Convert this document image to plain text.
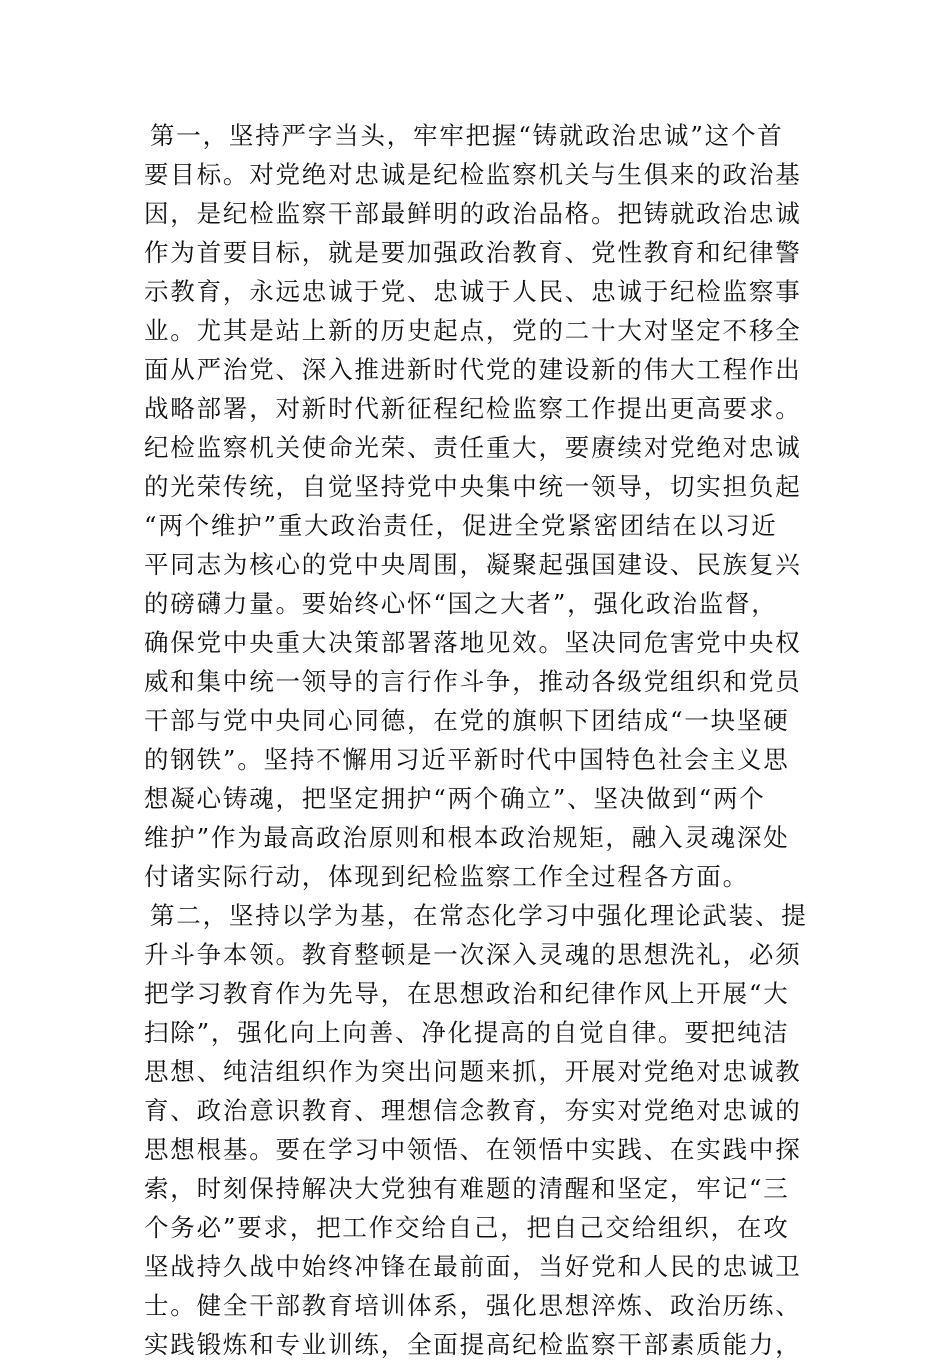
第一，坚持严字当头，牢牢把握“铸就政治忠诚”这个首
要目标。对党绝对忠诚是纪检监察机关与生俱来的政治基
因，是纪检监察干部最鲜明的政治品格。把铸就政治忠诚
作为首要目标，就是要加强政治教育、党性教育和纪律警
示教育，永远忠诚于党、忠诚于人民、忠诚于纪检监察事
业。尤其是站上新的历史起点，党的二十大对坚定不移全
面从严治党、深入推进新时代党的建设新的伟大工程作出
战略部署，对新时代新征程纪检监察工作提出更高要求。
纪检监察机关使命光荣、责任重大，要赓续对党绝对忠诚
的光荣传统，自觉坚持党中央集中统一领导，切实担负起
“两个维护”重大政治责任，促进全党紧密团结在以习近
平同志为核心的党中央周围，凝聚起强国建设、民族复兴
的磅礴力量。要始终心怀“国之大者”，强化政治监督，
确保党中央重大决策部署落地见效。坚决同危害党中央权
威和集中统一领导的言行作斗争，推动各级党组织和党员
干部与党中央同心同德，在党的旗帜下团结成“一块坚硬
的钢铁”。坚持不懈用习近平新时代中国特色社会主义思
想凝心铸魂，把坚定拥护“两个确立”、坚决做到“两个
维护”作为最高政治原则和根本政治规矩，融入灵魂深处
付诸实际行动，体现到纪检监察工作全过程各方面。
第二，坚持以学为基，在常态化学习中强化理论武装、提
升斗争本领。教育整顿是一次深入灵魂的思想洗礼，必须
把学习教育作为先导，在思想政治和纪律作风上开展“大
扫除”，强化向上向善、净化提高的自觉自律。要把纯洁
思想、纯洁组织作为突出问题来抓，开展对党绝对忠诚教
育、政治意识教育、理想信念教育，夯实对党绝对忠诚的
思想根基。要在学习中领悟、在领悟中实践、在实践中探
索，时刻保持解决大党独有难题的清醒和坚定，牢记“三
个务必”要求，把工作交给自己，把自己交给组织，在攻
坚战持久战中始终冲锋在最前面，当好党和人民的忠诚卫
士。健全干部教育培训体系，强化思想淬炼、政治历练、
实践锻炼和专业训练，全面提高纪检监察干部素质能力，
